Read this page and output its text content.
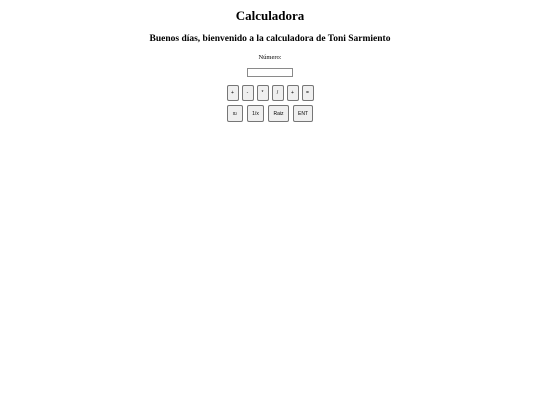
Calculadora
Buenos días, bienvenido a la calculadora de Toni Sarmiento
Número:
+	-	*	/	+	=
x 2	1/x	Raiz	ENT
